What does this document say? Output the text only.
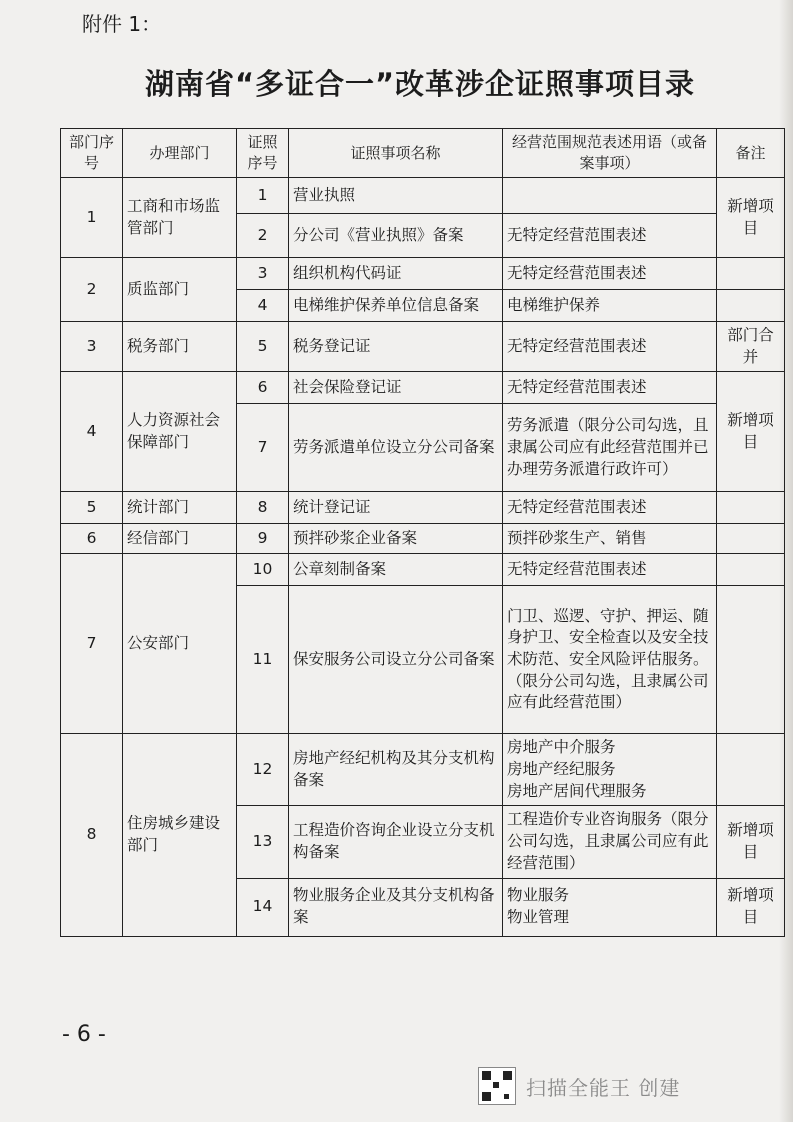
附件 1：
湖南省“多证合一”改革涉企证照事项目录
部门序号	办理部门	证照序号	证照事项名称	经营范围规范表述用语（或备案事项）	备注
1	工商和市场监管部门	1	营业执照		新增项目
		2	分公司《营业执照》备案	无特定经营范围表述	
2	质监部门	3	组织机构代码证	无特定经营范围表述	
		4	电梯维护保养单位信息备案	电梯维护保养	
3	税务部门	5	税务登记证	无特定经营范围表述	部门合并
4	人力资源社会保障部门	6	社会保险登记证	无特定经营范围表述	新增项目
		7	劳务派遣单位设立分公司备案	劳务派遣（限分公司勾选，且隶属公司应有此经营范围并已办理劳务派遣行政许可）	
5	统计部门	8	统计登记证	无特定经营范围表述	
6	经信部门	9	预拌砂浆企业备案	预拌砂浆生产、销售	
7	公安部门	10	公章刻制备案	无特定经营范围表述	
		11	保安服务公司设立分公司备案	门卫、巡逻、守护、押运、随身护卫、安全检查以及安全技术防范、安全风险评估服务。（限分公司勾选，且隶属公司应有此经营范围）	
8	住房城乡建设部门	12	房地产经纪机构及其分支机构备案	房地产中介服务
房地产经纪服务
房地产居间代理服务	
		13	工程造价咨询企业设立分支机构备案	工程造价专业咨询服务（限分公司勾选，且隶属公司应有此经营范围）	新增项目
		14	物业服务企业及其分支机构备案	物业服务
物业管理	新增项目
- 6 -
扫描全能王 创建
